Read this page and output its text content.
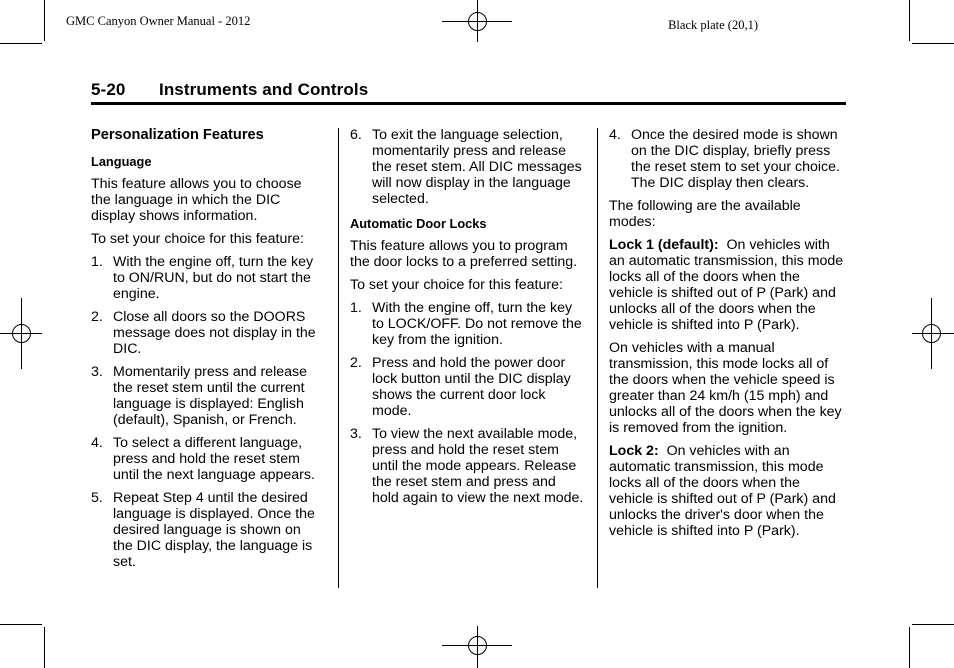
GMC Canyon Owner Manual - 2012	Black plate (20,1)
5-20 Instruments and Controls
Personalization Features
Language

This feature allows you to choose the language in which the DIC display shows information.

To set your choice for this feature:

1. With the engine off, turn the key to ON/RUN, but do not start the engine.
2. Close all doors so the DOORS message does not display in the DIC.
3. Momentarily press and release the reset stem until the current language is displayed: English (default), Spanish, or French.
4. To select a different language, press and hold the reset stem until the next language appears.
5. Repeat Step 4 until the desired language is displayed. Once the desired language is shown on the DIC display, the language is set.
6. To exit the language selection, momentarily press and release the reset stem. All DIC messages will now display in the language selected.
Automatic Door Locks

This feature allows you to program the door locks to a preferred setting.

To set your choice for this feature:

1. With the engine off, turn the key to LOCK/OFF. Do not remove the key from the ignition.
2. Press and hold the power door lock button until the DIC display shows the current door lock mode.
3. To view the next available mode, press and hold the reset stem until the mode appears. Release the reset stem and press and hold again to view the next mode.
4. Once the desired mode is shown on the DIC display, briefly press the reset stem to set your choice. The DIC display then clears.

The following are the available modes:

Lock 1 (default): On vehicles with an automatic transmission, this mode locks all of the doors when the vehicle is shifted out of P (Park) and unlocks all of the doors when the vehicle is shifted into P (Park).

On vehicles with a manual transmission, this mode locks all of the doors when the vehicle speed is greater than 24 km/h (15 mph) and unlocks all of the doors when the key is removed from the ignition.

Lock 2: On vehicles with an automatic transmission, this mode locks all of the doors when the vehicle is shifted out of P (Park) and unlocks the driver's door when the vehicle is shifted into P (Park).
